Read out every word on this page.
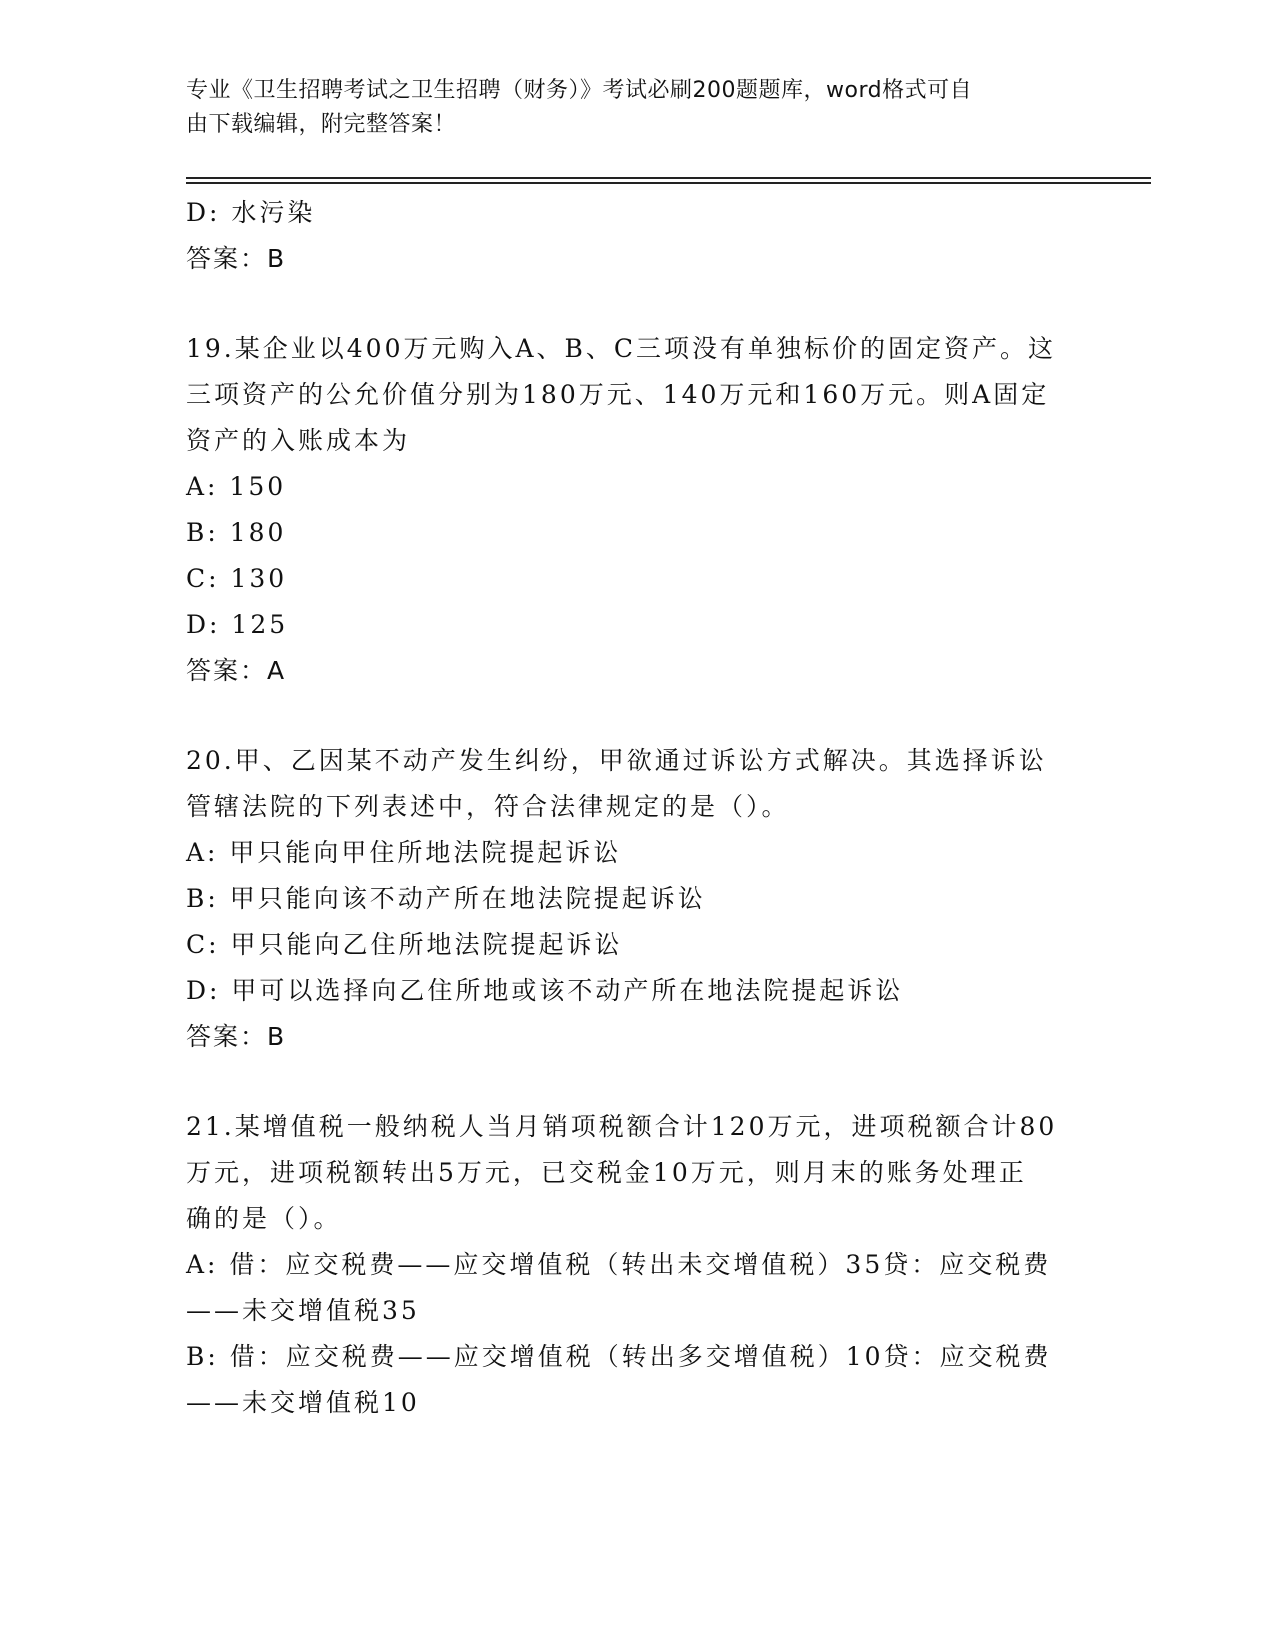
专业《卫生招聘考试之卫生招聘（财务）》考试必刷200题题库，word格式可自
由下载编辑，附完整答案！
D: 水污染
答案：B
19.某企业以400万元购入A、B、C三项没有单独标价的固定资产。这
三项资产的公允价值分别为180万元、140万元和160万元。则A固定
资产的入账成本为
A: 150
B: 180
C: 130
D: 125
答案：A
20.甲、乙因某不动产发生纠纷，甲欲通过诉讼方式解决。其选择诉讼
管辖法院的下列表述中，符合法律规定的是（）。
A: 甲只能向甲住所地法院提起诉讼
B: 甲只能向该不动产所在地法院提起诉讼
C: 甲只能向乙住所地法院提起诉讼
D: 甲可以选择向乙住所地或该不动产所在地法院提起诉讼
答案：B
21.某增值税一般纳税人当月销项税额合计120万元，进项税额合计80
万元，进项税额转出5万元，已交税金10万元，则月末的账务处理正
确的是（）。
A: 借：应交税费——应交增值税（转出未交增值税）35贷：应交税费
——未交增值税35
B: 借：应交税费——应交增值税（转出多交增值税）10贷：应交税费
——未交增值税10
